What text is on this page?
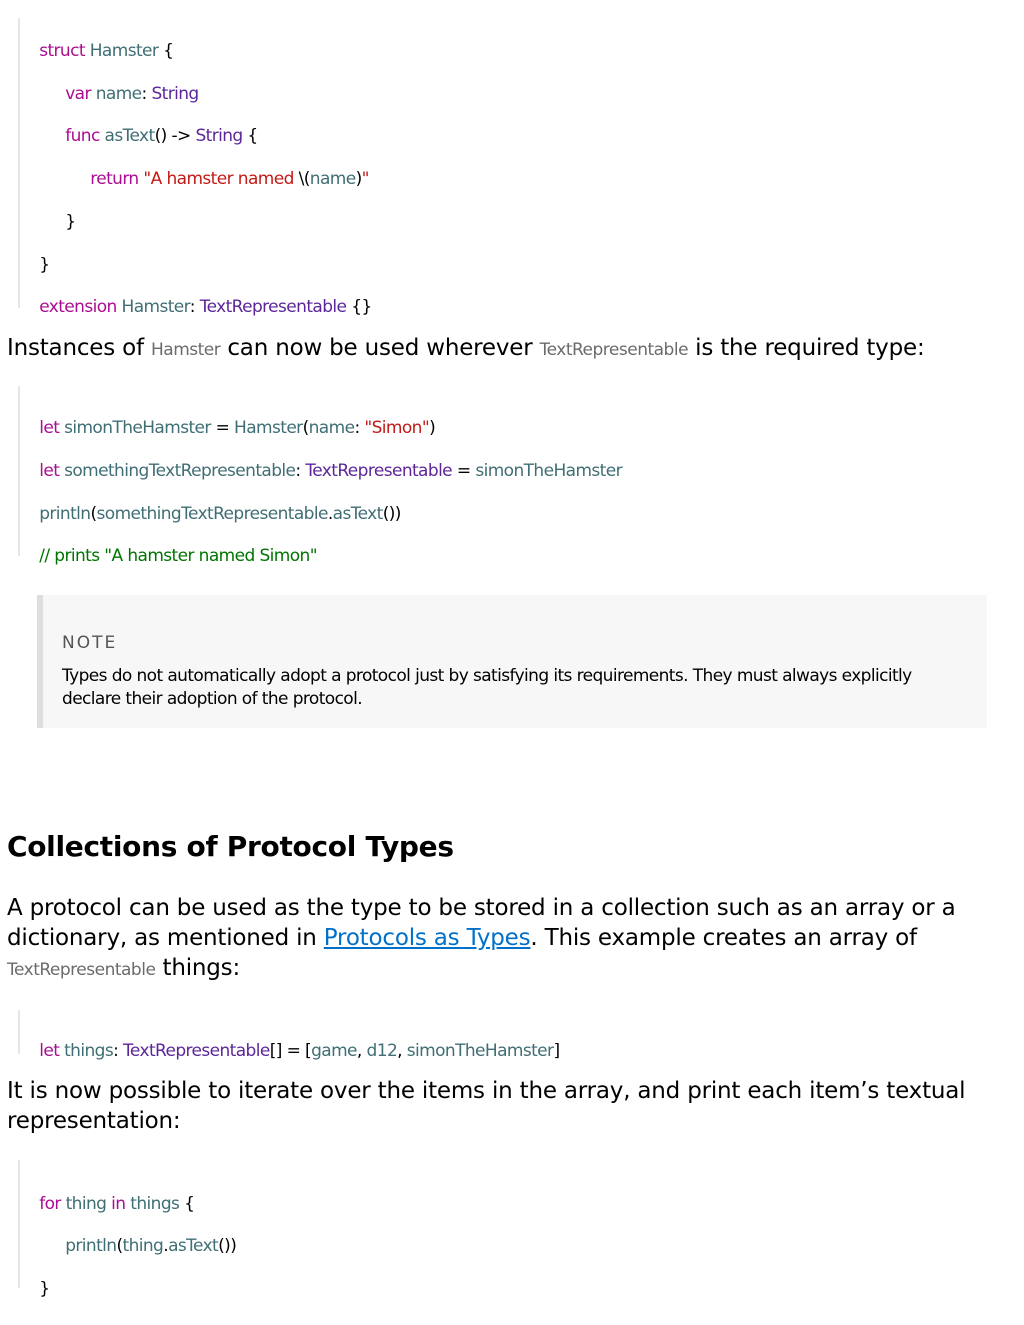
struct Hamster {

var name: String

func asText() -> String {

return "A hamster named \(name)"

}

}

extension Hamster: TextRepresentable {}

Instances of Hamster can now be used wherever TextRepresentable is the required type:

let simonTheHamster = Hamster(name: "Simon")

let somethingTextRepresentable: TextRepresentable = simonTheHamster

println(somethingTextRepresentable.asText())

// prints "A hamster named Simon"

NOTE
Types do not automatically adopt a protocol just by satisfying its requirements. They must always explicitly declare their adoption of the protocol.
Collections of Protocol Types
A protocol can be used as the type to be stored in a collection such as an array or a dictionary, as mentioned in Protocols as Types. This example creates an array of
TextRepresentable things:

let things: TextRepresentable[] = [game, d12, simonTheHamster]

It is now possible to iterate over the items in the array, and print each item’s textual representation:

for thing in things {

println(thing.asText())

}
